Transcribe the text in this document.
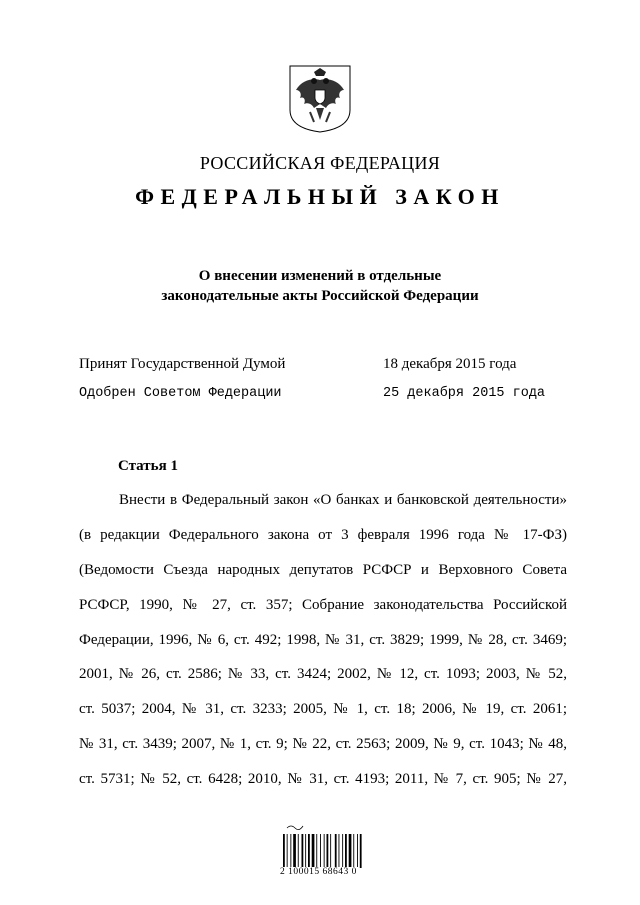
РОССИЙСКАЯ ФЕДЕРАЦИЯ
ФЕДЕРАЛЬНЫЙ ЗАКОН
О внесении изменений в отдельные
законодательные акты Российской Федерации
Принят Государственной Думой	18 декабря 2015 года
Одобрен Советом Федерации	25 декабря 2015 года
Статья 1
Внести в Федеральный закон «О банках и банковской деятельности»
(в редакции Федерального закона от 3 февраля 1996 года № 17-ФЗ)
(Ведомости Съезда народных депутатов РСФСР и Верховного Совета
РСФСР, 1990, № 27, ст. 357; Собрание законодательства Российской
Федерации, 1996, № 6, ст. 492; 1998, № 31, ст. 3829; 1999, № 28, ст. 3469;
2001, № 26, ст. 2586; № 33, ст. 3424; 2002, № 12, ст. 1093; 2003, № 52,
ст. 5037; 2004, № 31, ст. 3233; 2005, № 1, ст. 18; 2006, № 19, ст. 2061;
№ 31, ст. 3439; 2007, № 1, ст. 9; № 22, ст. 2563; 2009, № 9, ст. 1043; № 48,
ст. 5731; № 52, ст. 6428; 2010, № 31, ст. 4193; 2011, № 7, ст. 905; № 27,
2 100015 68643 0
